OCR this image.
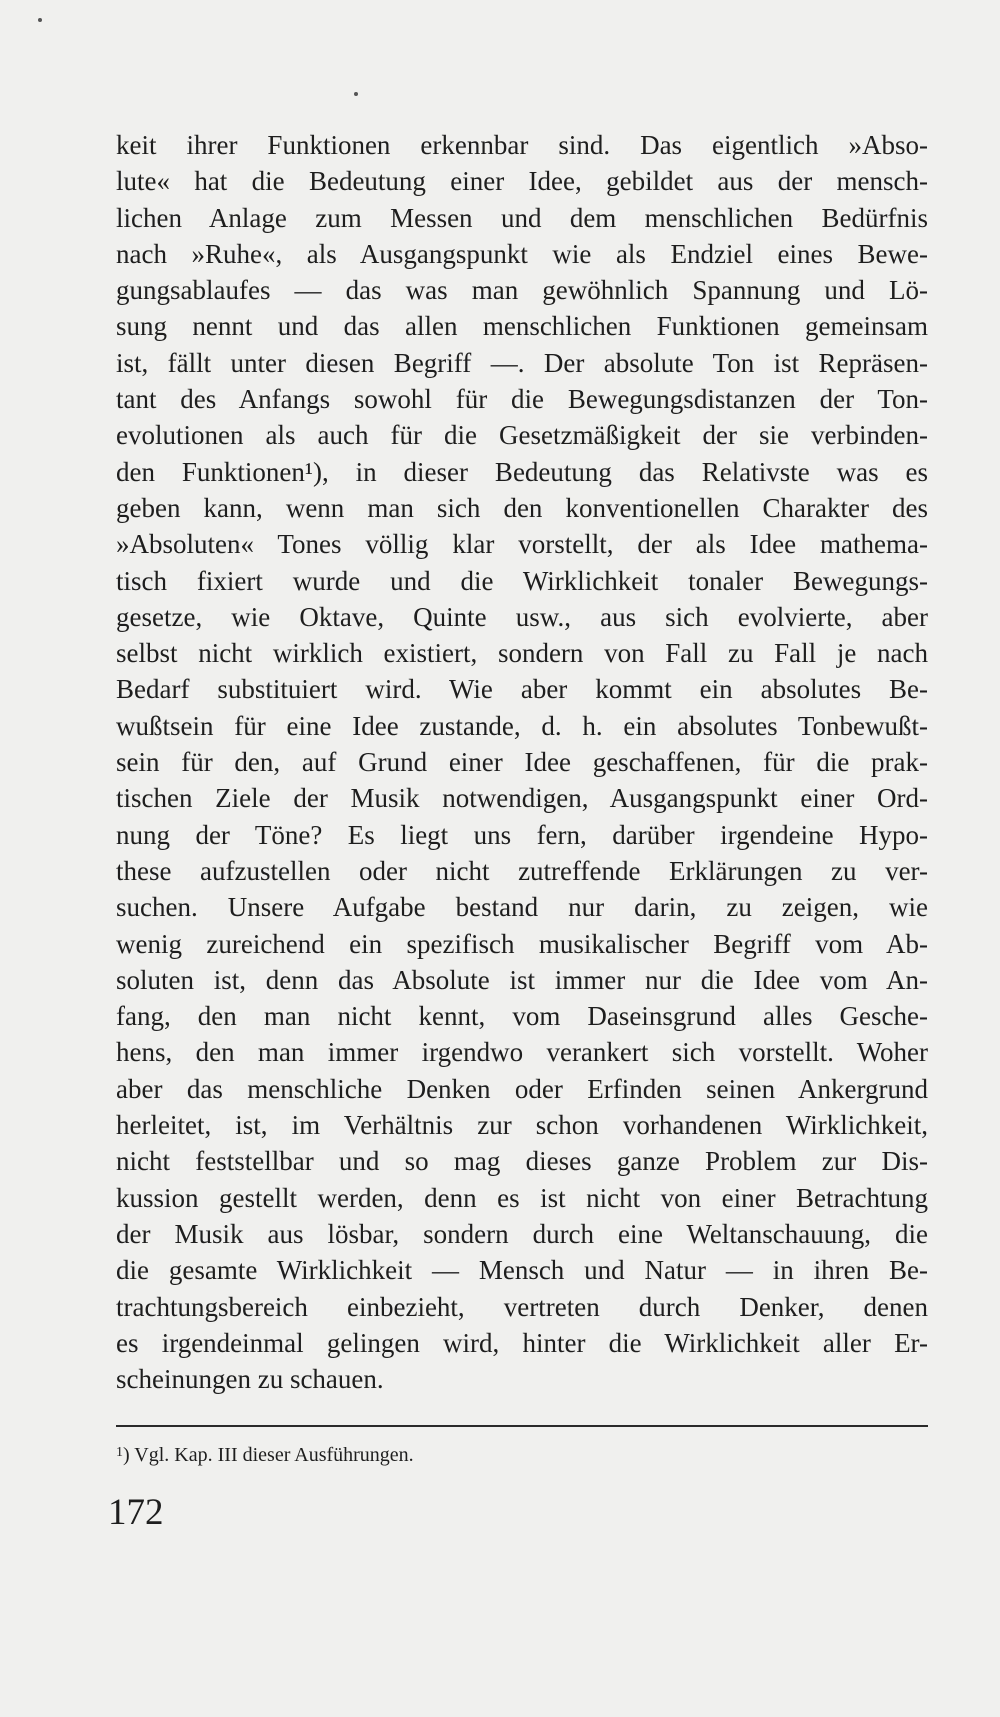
keit ihrer Funktionen erkennbar sind. Das eigentlich »Abso-
lute« hat die Bedeutung einer Idee, gebildet aus der mensch-
lichen Anlage zum Messen und dem menschlichen Bedürfnis
nach »Ruhe«, als Ausgangspunkt wie als Endziel eines Bewe-
gungsablaufes — das was man gewöhnlich Spannung und Lö-
sung nennt und das allen menschlichen Funktionen gemeinsam
ist, fällt unter diesen Begriff —. Der absolute Ton ist Repräsen-
tant des Anfangs sowohl für die Bewegungsdistanzen der Ton-
evolutionen als auch für die Gesetzmäßigkeit der sie verbinden-
den Funktionen¹), in dieser Bedeutung das Relativste was es
geben kann, wenn man sich den konventionellen Charakter des
»Absoluten« Tones völlig klar vorstellt, der als Idee mathema-
tisch fixiert wurde und die Wirklichkeit tonaler Bewegungs-
gesetze, wie Oktave, Quinte usw., aus sich evolvierte, aber
selbst nicht wirklich existiert, sondern von Fall zu Fall je nach
Bedarf substituiert wird. Wie aber kommt ein absolutes Be-
wußtsein für eine Idee zustande, d. h. ein absolutes Tonbewußt-
sein für den, auf Grund einer Idee geschaffenen, für die prak-
tischen Ziele der Musik notwendigen, Ausgangspunkt einer Ord-
nung der Töne? Es liegt uns fern, darüber irgendeine Hypo-
these aufzustellen oder nicht zutreffende Erklärungen zu ver-
suchen. Unsere Aufgabe bestand nur darin, zu zeigen, wie
wenig zureichend ein spezifisch musikalischer Begriff vom Ab-
soluten ist, denn das Absolute ist immer nur die Idee vom An-
fang, den man nicht kennt, vom Daseinsgrund alles Gesche-
hens, den man immer irgendwo verankert sich vorstellt. Woher
aber das menschliche Denken oder Erfinden seinen Ankergrund
herleitet, ist, im Verhältnis zur schon vorhandenen Wirklichkeit,
nicht feststellbar und so mag dieses ganze Problem zur Dis-
kussion gestellt werden, denn es ist nicht von einer Betrachtung
der Musik aus lösbar, sondern durch eine Weltanschauung, die
die gesamte Wirklichkeit — Mensch und Natur — in ihren Be-
trachtungsbereich einbezieht, vertreten durch Denker, denen
es irgendeinmal gelingen wird, hinter die Wirklichkeit aller Er-
scheinungen zu schauen.
$^1$) Vgl. Kap. III dieser Ausführungen.
172
